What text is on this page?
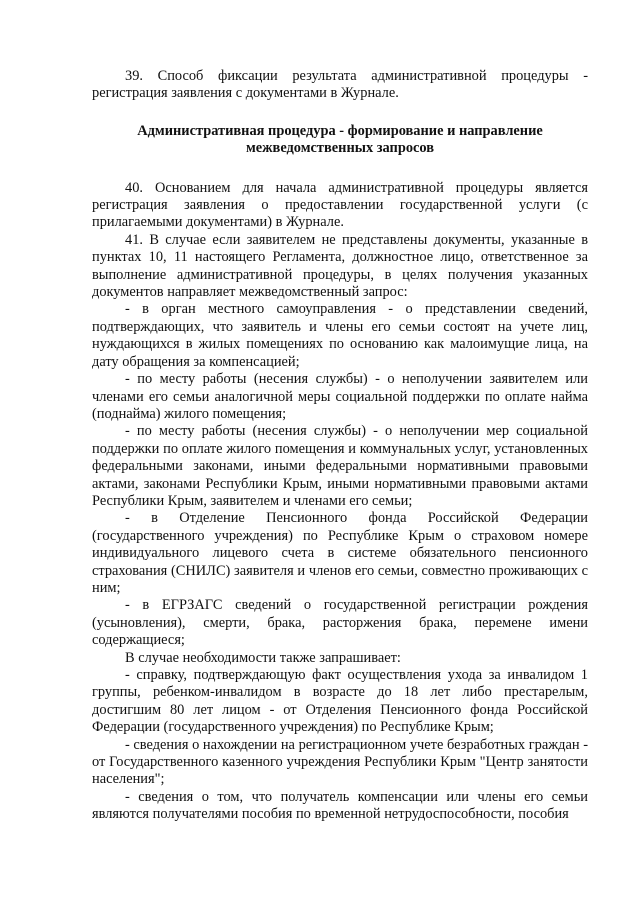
39. Способ фиксации результата административной процедуры - регистрация заявления с документами в Журнале.

Административная процедура - формирование и направление
межведомственных запросов

40. Основанием для начала административной процедуры является регистрация заявления о предоставлении государственной услуги (с прилагаемыми документами) в Журнале.

41. В случае если заявителем не представлены документы, указанные в пунктах 10, 11 настоящего Регламента, должностное лицо, ответственное за выполнение административной процедуры, в целях получения указанных документов направляет межведомственный запрос:

- в орган местного самоуправления - о представлении сведений, подтверждающих, что заявитель и члены его семьи состоят на учете лиц, нуждающихся в жилых помещениях по основанию как малоимущие лица, на дату обращения за компенсацией;

- по месту работы (несения службы) - о неполучении заявителем или членами его семьи аналогичной меры социальной поддержки по оплате найма (поднайма) жилого помещения;

- по месту работы (несения службы) - о неполучении мер социальной поддержки по оплате жилого помещения и коммунальных услуг, установленных федеральными законами, иными федеральными нормативными правовыми актами, законами Республики Крым, иными нормативными правовыми актами Республики Крым, заявителем и членами его семьи;

- в Отделение Пенсионного фонда Российской Федерации (государственного учреждения) по Республике Крым о страховом номере индивидуального лицевого счета в системе обязательного пенсионного страхования (СНИЛС) заявителя и членов его семьи, совместно проживающих с ним;

- в ЕГРЗАГС сведений о государственной регистрации рождения (усыновления), смерти, брака, расторжения брака, перемене имени содержащиеся;

В случае необходимости также запрашивает:

- справку, подтверждающую факт осуществления ухода за инвалидом 1 группы, ребенком-инвалидом в возрасте до 18 лет либо престарелым, достигшим 80 лет лицом - от Отделения Пенсионного фонда Российской Федерации (государственного учреждения) по Республике Крым;

- сведения о нахождении на регистрационном учете безработных граждан - от Государственного казенного учреждения Республики Крым "Центр занятости населения";

- сведения о том, что получатель компенсации или члены его семьи являются получателями пособия по временной нетрудоспособности, пособия
